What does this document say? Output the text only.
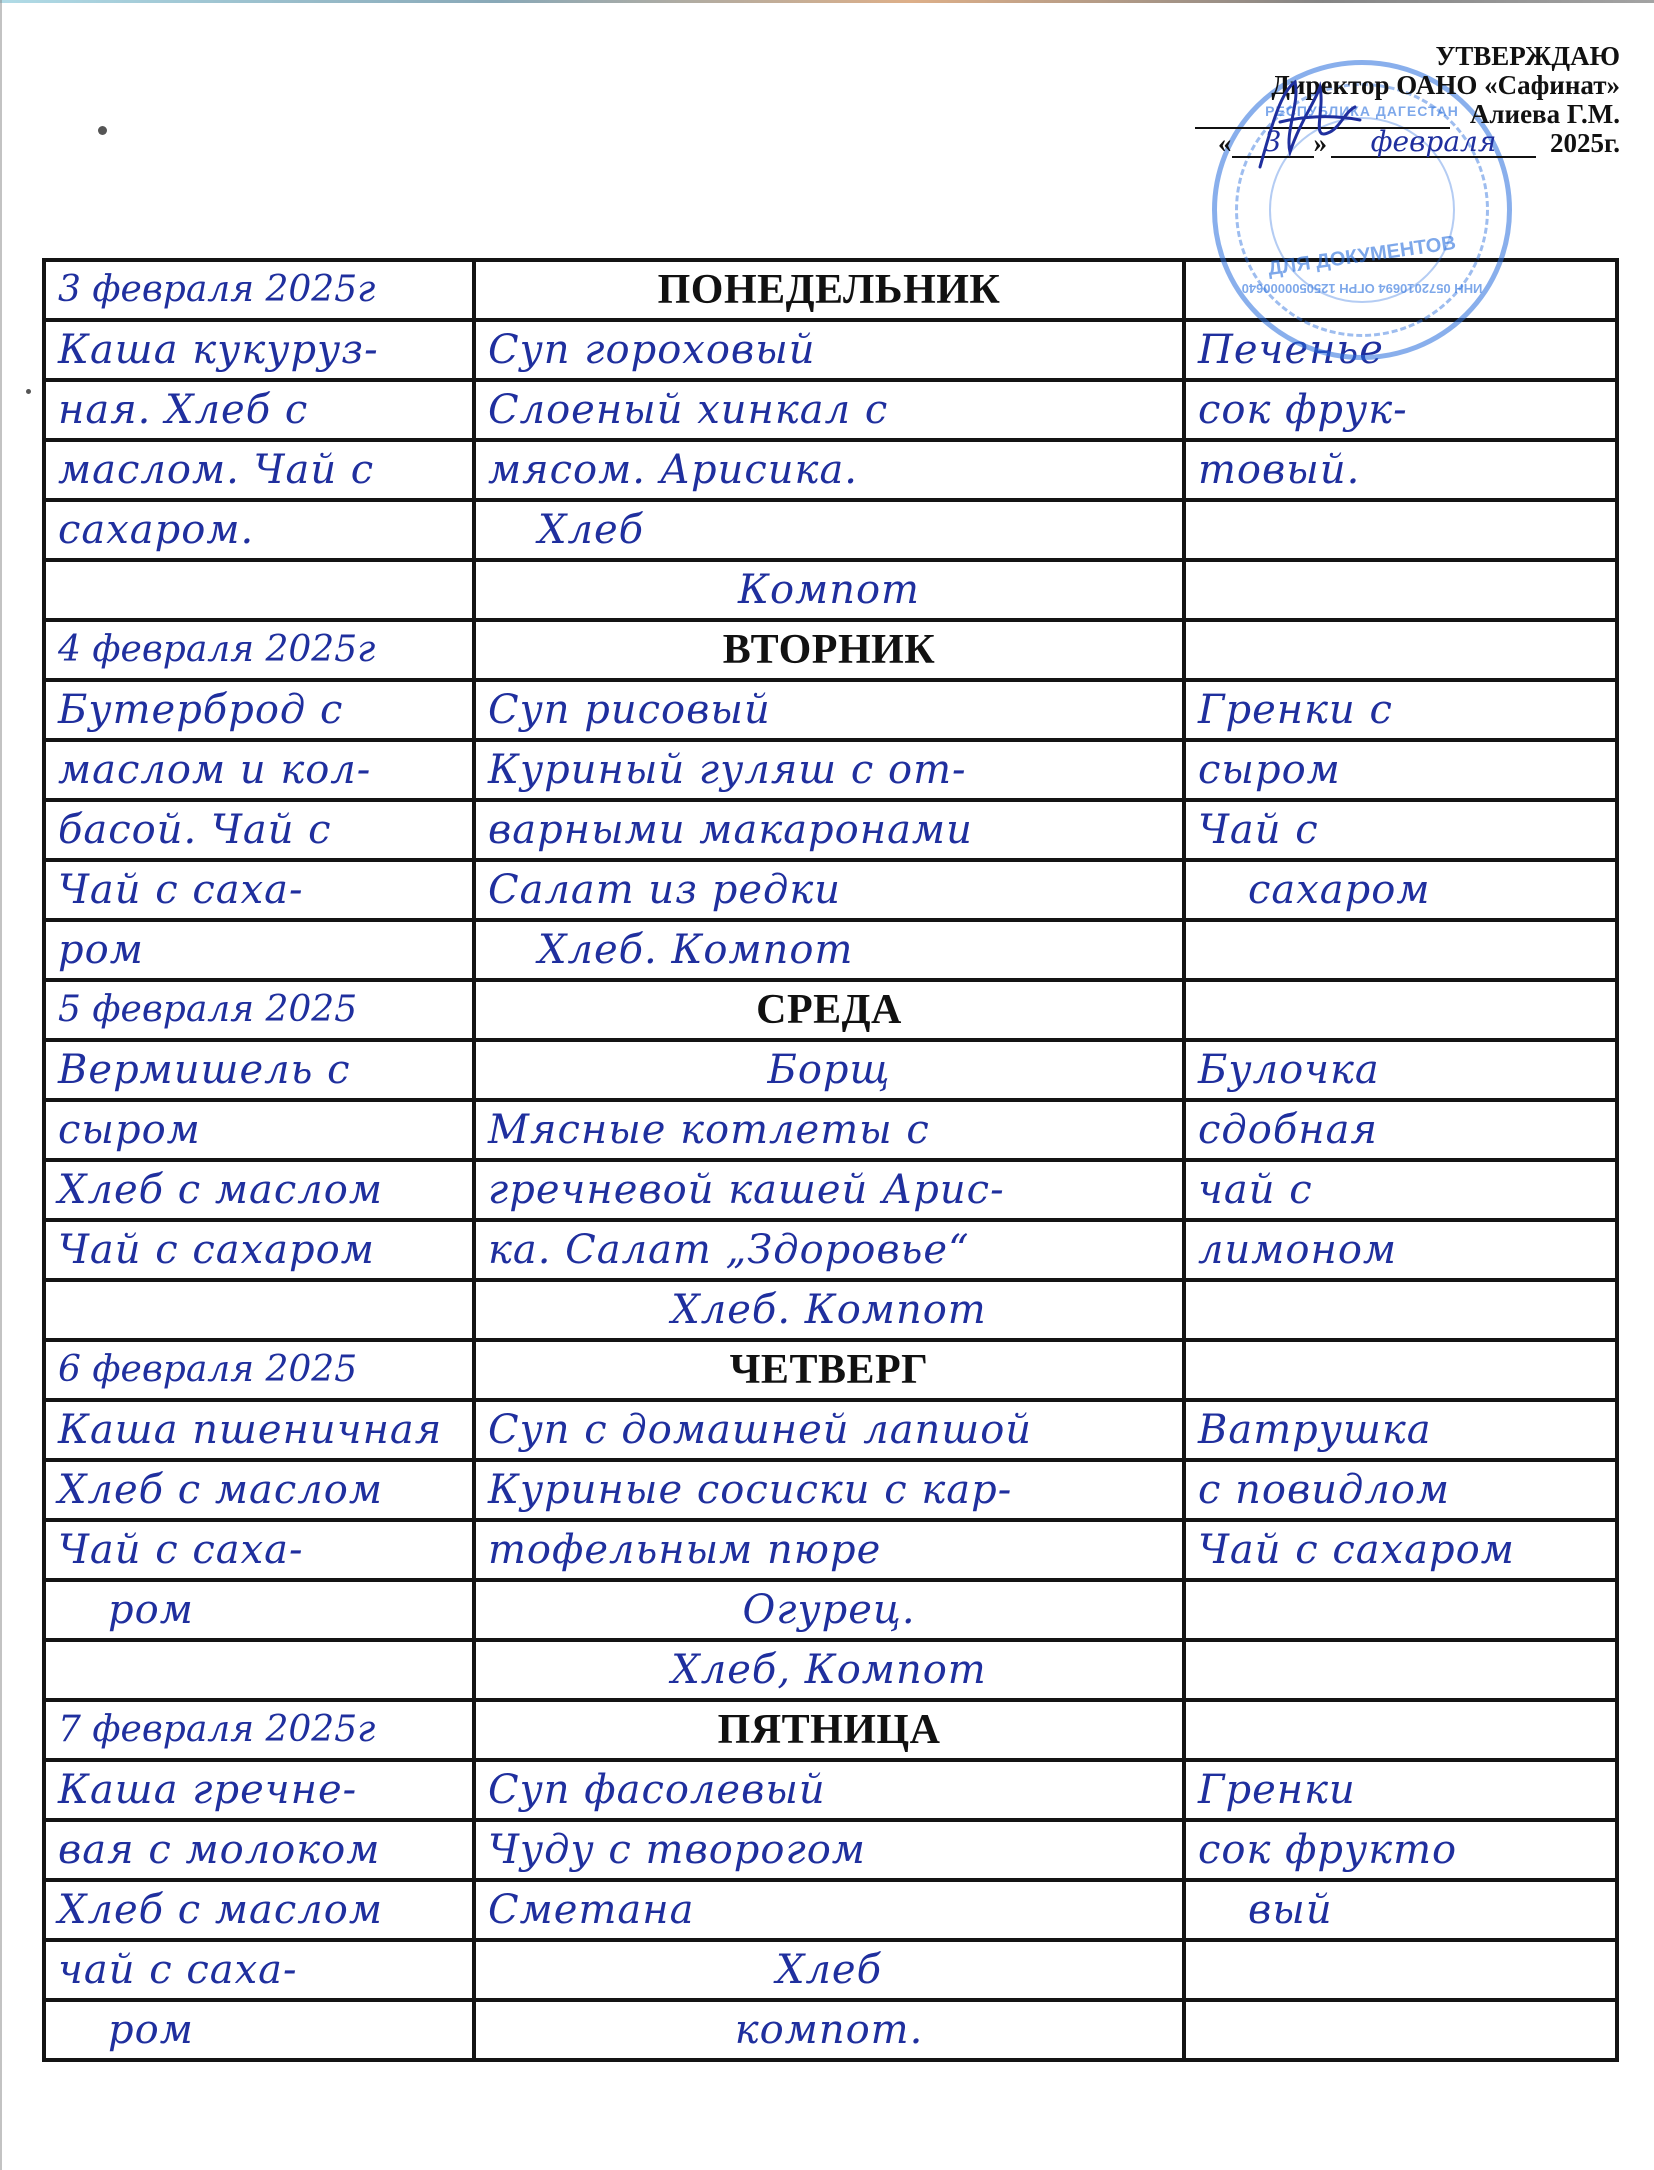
УТВЕРЖДАЮ
Директор ОАНО «Сафинат»
Алиева Г.М.
«	3	»	февраля	2025г.
РЕСПУБЛИКА ДАГЕСТАН
ДЛЯ ДОКУМЕНТОВ
ИНН 0572010694 ОГРН 1250500000640
3 февраля 2025г	ПОНЕДЕЛЬНИК	

Каша кукуруз-	Суп гороховый	Печенье

ная. Хлеб с	Слоеный хинкал с	сок фрук-

маслом. Чай с	мясом. Арисика.	товый.

сахаром.	Хлеб	

	Компот	

4 февраля 2025г	ВТОРНИК	

Бутерброд с	Суп рисовый	Гренки с

маслом и кол-	Куриный гуляш с от-	сыром

басой. Чай с	варными макаронами	Чай с

Чай с саха-	Салат из редки	сахаром

ром	Хлеб. Компот	

5 февраля 2025	СРЕДА	

Вермишель с	Борщ	Булочка

сыром	Мясные котлеты с	сдобная

Хлеб с маслом	гречневой кашей Арис-	чай с

Чай с сахаром	ка. Салат „Здоровье“	лимоном

	Хлеб. Компот	

6 февраля 2025	ЧЕТВЕРГ	

Каша пшеничная	Суп с домашней лапшой	Ватрушка

Хлеб с маслом	Куриные сосиски с кар-	с повидлом

Чай с саха-	тофельным пюре	Чай с сахаром

ром	Огурец.	

	Хлеб, Компот	

7 февраля 2025г	ПЯТНИЦА	

Каша гречне-	Суп фасолевый	Гренки

вая с молоком	Чуду с творогом	сок фрукто

Хлеб с маслом	Сметана	вый

чай с саха-	Хлеб	

ром	компот.	
